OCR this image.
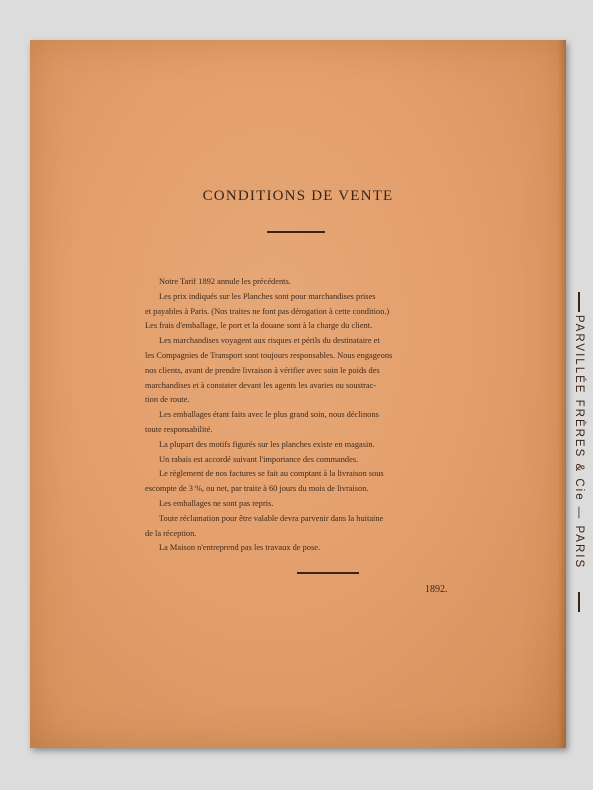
CONDITIONS DE VENTE

Notre Tarif 1892 annule les précédents.

Les prix indiqués sur les Planches sont pour marchandises prises

et payables à Paris. (Nos traites ne font pas dérogation à cette condition.)

Les frais d'emballage, le port et la douane sont à la charge du client.

Les marchandises voyagent aux risques et périls du destinataire et

les Compagnies de Transport sont toujours responsables. Nous engageons

nos clients, avant de prendre livraison à vérifier avec soin le poids des

marchandises et à constater devant les agents les avaries ou soustrac-

tion de route.

Les emballages étant faits avec le plus grand soin, nous déclinons

toute responsabilité.

La plupart des motifs figurés sur les planches existe en magasin.

Un rabais est accordé suivant l'importance des commandes.

Le règlement de nos factures se fait au comptant à la livraison sous

escompte de 3 %, ou net, par traite à 60 jours du mois de livraison.

Les emballages ne sont pas repris.

Toute réclamation pour être valable devra parvenir dans la huitaine

de la réception.

La Maison n'entreprend pas les travaux de pose.

1892.
PARVILLÉE FRÈRES & Cie — PARIS
